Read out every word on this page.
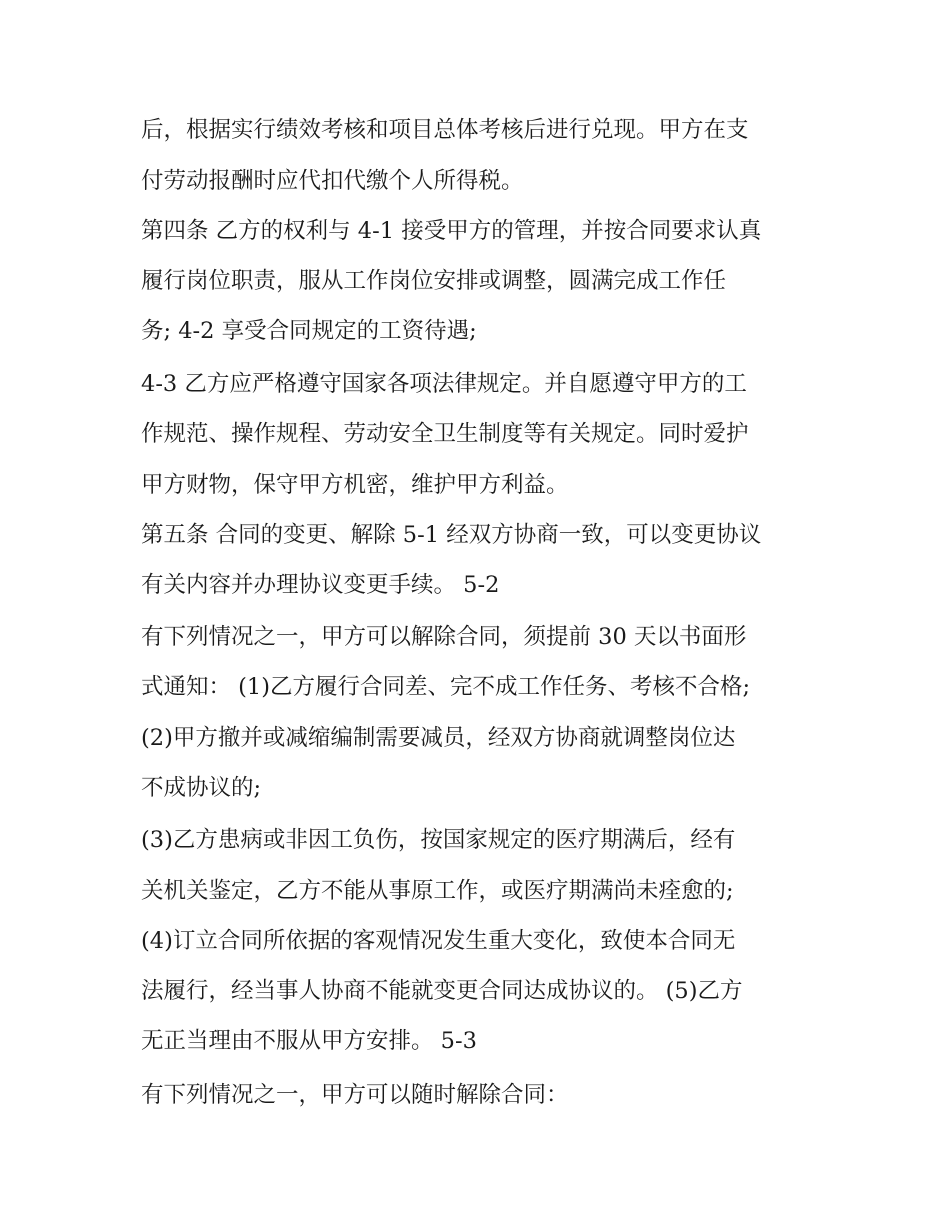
后，根据实行绩效考核和项目总体考核后进行兑现。甲方在支

付劳动报酬时应代扣代缴个人所得税。

第四条 乙方的权利与 4-1 接受甲方的管理，并按合同要求认真

履行岗位职责，服从工作岗位安排或调整，圆满完成工作任

务; 4-2 享受合同规定的工资待遇;

4-3 乙方应严格遵守国家各项法律规定。并自愿遵守甲方的工

作规范、操作规程、劳动安全卫生制度等有关规定。同时爱护

甲方财物，保守甲方机密，维护甲方利益。

第五条 合同的变更、解除 5-1 经双方协商一致，可以变更协议

有关内容并办理协议变更手续。 5-2

有下列情况之一，甲方可以解除合同，须提前 30 天以书面形

式通知： (1)乙方履行合同差、完不成工作任务、考核不合格;

(2)甲方撤并或减缩编制需要减员，经双方协商就调整岗位达

不成协议的;

(3)乙方患病或非因工负伤，按国家规定的医疗期满后，经有

关机关鉴定，乙方不能从事原工作，或医疗期满尚未痊愈的;

(4)订立合同所依据的客观情况发生重大变化，致使本合同无

法履行，经当事人协商不能就变更合同达成协议的。 (5)乙方

无正当理由不服从甲方安排。 5-3

有下列情况之一，甲方可以随时解除合同：
